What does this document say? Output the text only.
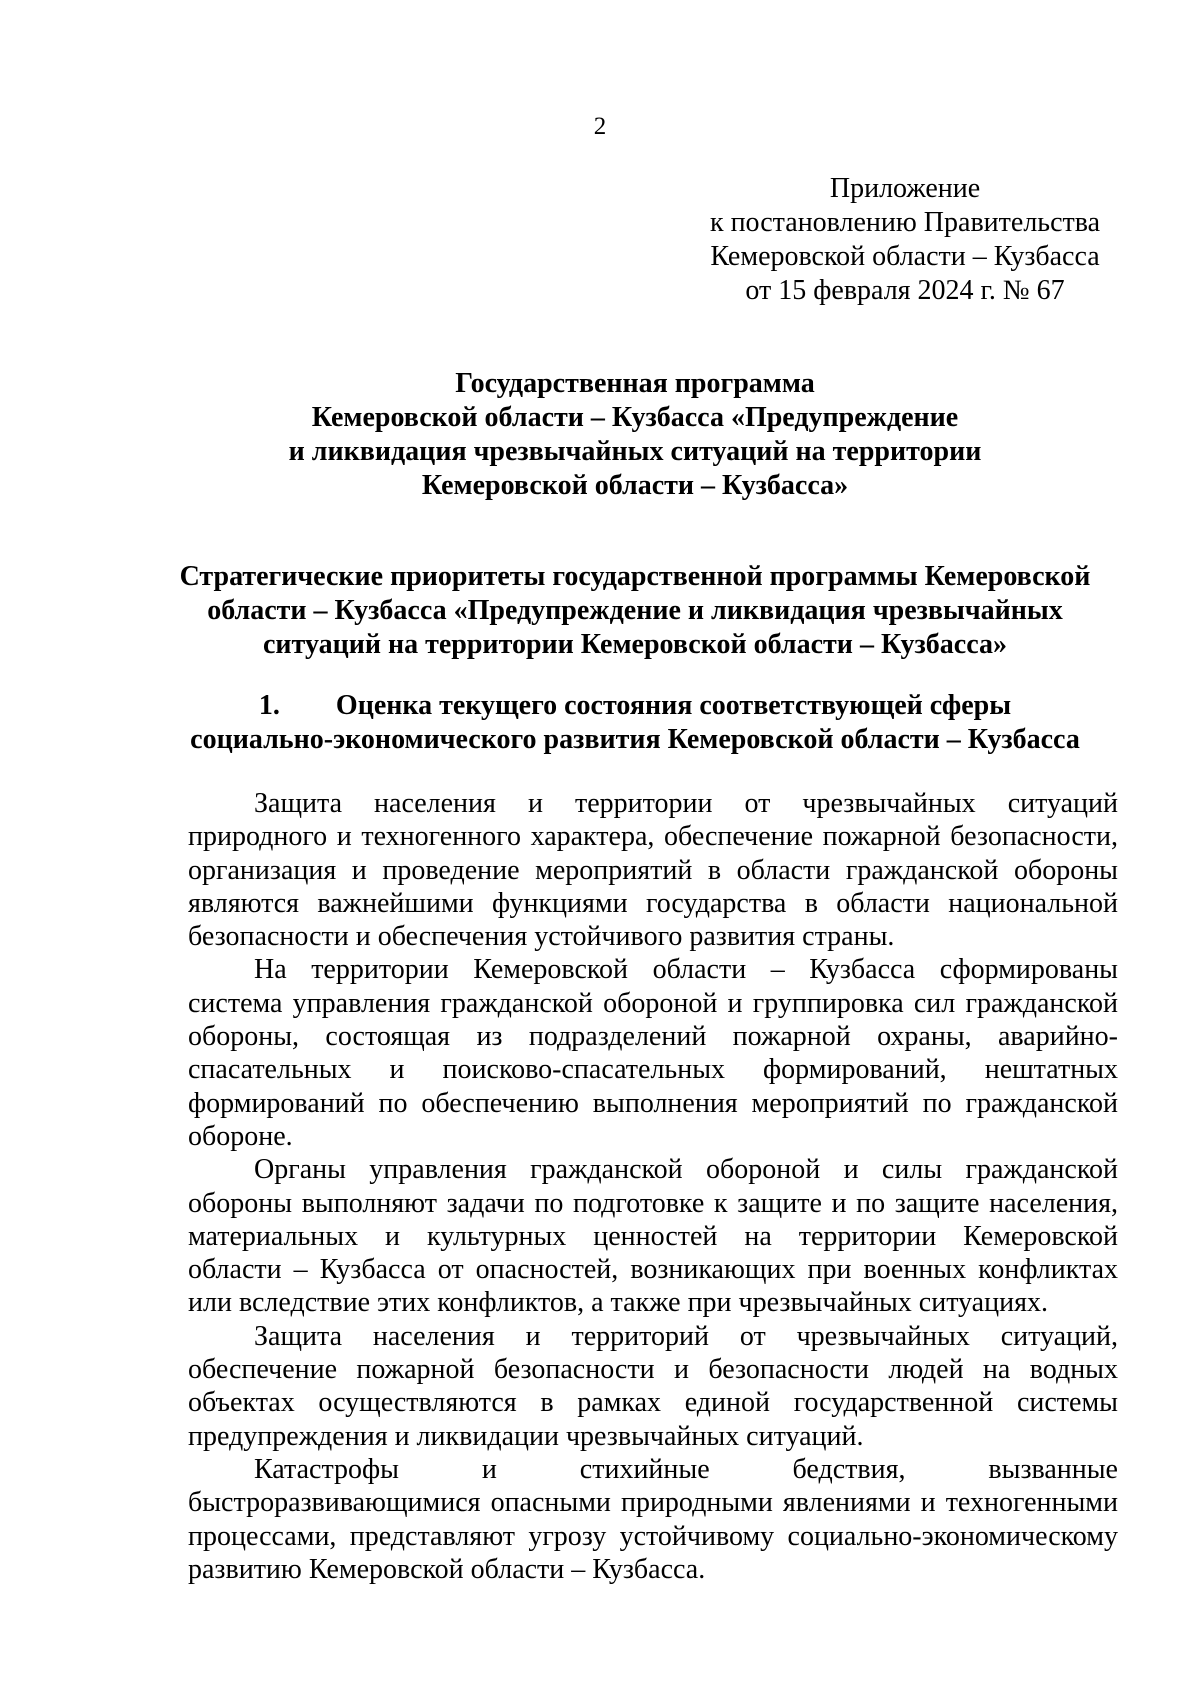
2
Приложение
к постановлению Правительства
Кемеровской области – Кузбасса
от 15 февраля 2024 г. № 67
Государственная программа
Кемеровской области – Кузбасса «Предупреждение
и ликвидация чрезвычайных ситуаций на территории
Кемеровской области – Кузбасса»
Стратегические приоритеты государственной программы Кемеровской
области – Кузбасса «Предупреждение и ликвидация чрезвычайных
ситуаций на территории Кемеровской области – Кузбасса»
1. Оценка текущего состояния соответствующей сферы
социально-экономического развития Кемеровской области – Кузбасса
Защита населения и территории от чрезвычайных ситуаций
природного и техногенного характера, обеспечение пожарной безопасности,
организация и проведение мероприятий в области гражданской обороны
являются важнейшими функциями государства в области национальной
безопасности и обеспечения устойчивого развития страны.
На территории Кемеровской области – Кузбасса сформированы
система управления гражданской обороной и группировка сил гражданской
обороны, состоящая из подразделений пожарной охраны, аварийно-
спасательных и поисково-спасательных формирований, нештатных
формирований по обеспечению выполнения мероприятий по гражданской
обороне.
Органы управления гражданской обороной и силы гражданской
обороны выполняют задачи по подготовке к защите и по защите населения,
материальных и культурных ценностей на территории Кемеровской
области – Кузбасса от опасностей, возникающих при военных конфликтах
или вследствие этих конфликтов, а также при чрезвычайных ситуациях.
Защита населения и территорий от чрезвычайных ситуаций,
обеспечение пожарной безопасности и безопасности людей на водных
объектах осуществляются в рамках единой государственной системы
предупреждения и ликвидации чрезвычайных ситуаций.
Катастрофы и стихийные бедствия, вызванные
быстроразвивающимися опасными природными явлениями и техногенными
процессами, представляют угрозу устойчивому социально-экономическому
развитию Кемеровской области – Кузбасса.
